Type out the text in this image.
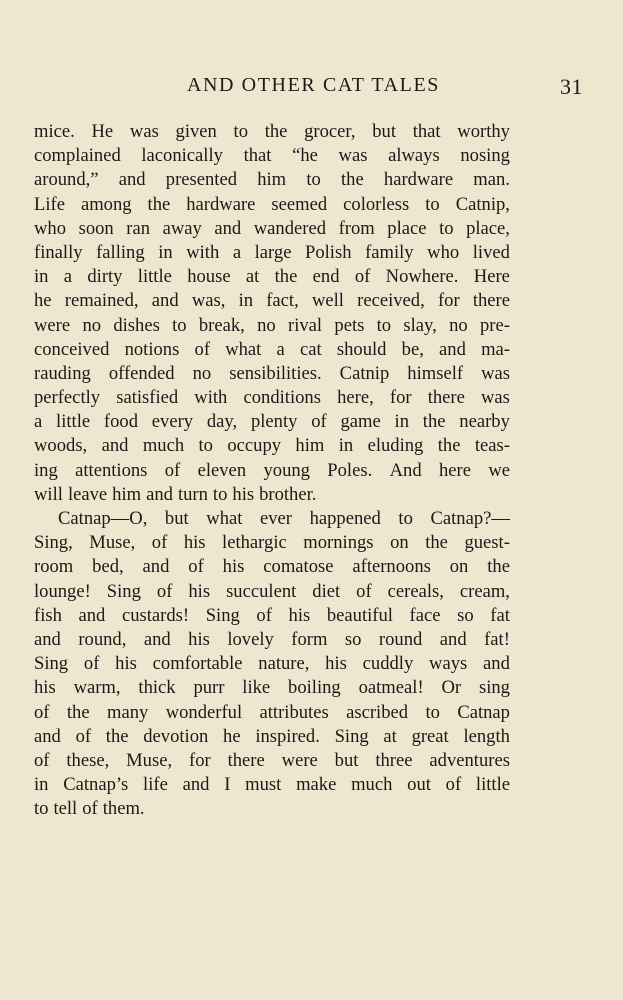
AND OTHER CAT TALES	31
mice. He was given to the grocer, but that worthy
complained laconically that “he was always nosing
around,” and presented him to the hardware man.
Life among the hardware seemed colorless to Catnip,
who soon ran away and wandered from place to place,
finally falling in with a large Polish family who lived
in a dirty little house at the end of Nowhere. Here
he remained, and was, in fact, well received, for there
were no dishes to break, no rival pets to slay, no pre-
conceived notions of what a cat should be, and ma-
rauding offended no sensibilities. Catnip himself was
perfectly satisfied with conditions here, for there was
a little food every day, plenty of game in the nearby
woods, and much to occupy him in eluding the teas-
ing attentions of eleven young Poles. And here we
will leave him and turn to his brother.
Catnap—O, but what ever happened to Catnap?—
Sing, Muse, of his lethargic mornings on the guest-
room bed, and of his comatose afternoons on the
lounge! Sing of his succulent diet of cereals, cream,
fish and custards! Sing of his beautiful face so fat
and round, and his lovely form so round and fat!
Sing of his comfortable nature, his cuddly ways and
his warm, thick purr like boiling oatmeal! Or sing
of the many wonderful attributes ascribed to Catnap
and of the devotion he inspired. Sing at great length
of these, Muse, for there were but three adventures
in Catnap’s life and I must make much out of little
to tell of them.
